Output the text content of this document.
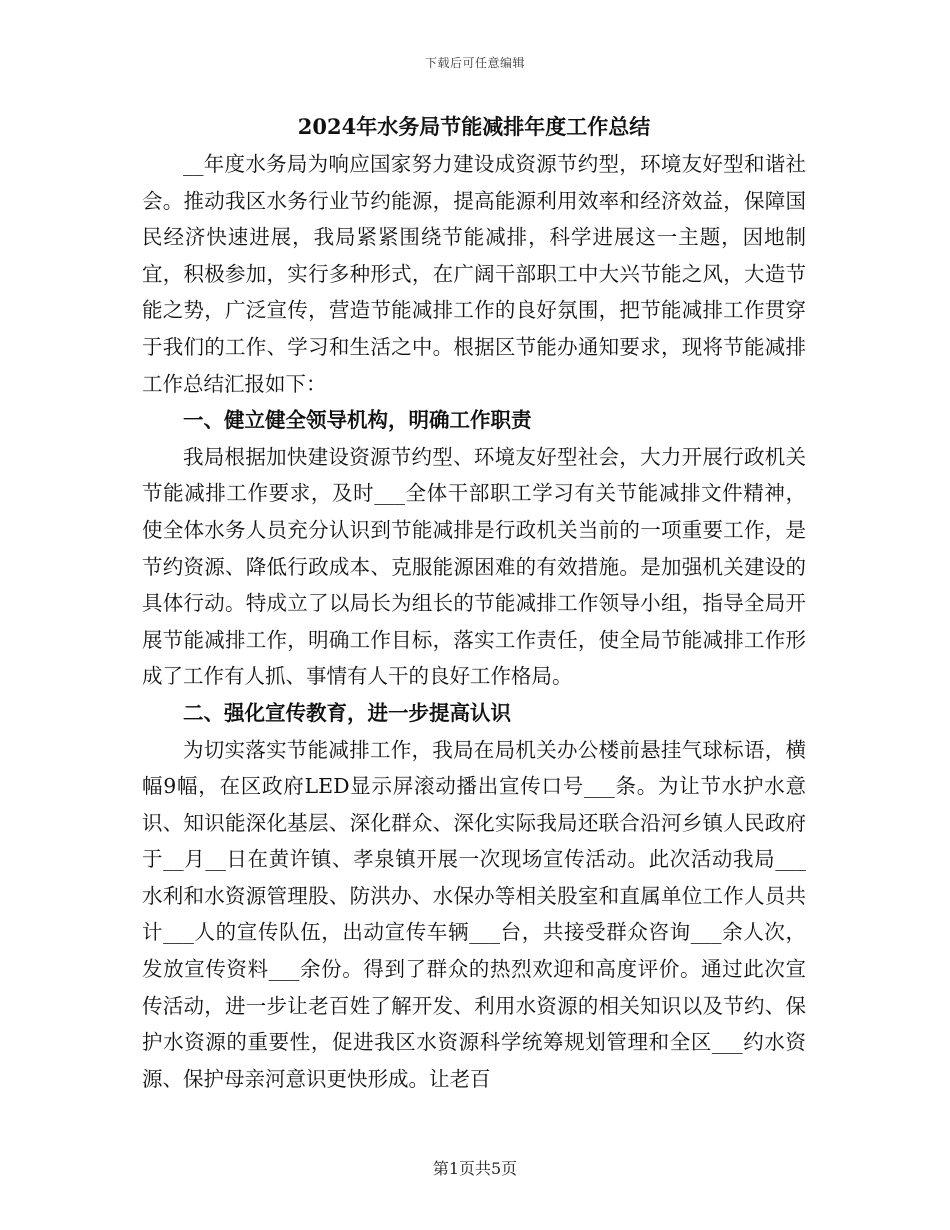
下载后可任意编辑
2024年水务局节能减排年度工作总结

__年度水务局为响应国家努力建设成资源节约型，环境友好型和谐社会。推动我区水务行业节约能源，提高能源利用效率和经济效益，保障国民经济快速进展，我局紧紧围绕节能减排，科学进展这一主题，因地制宜，积极参加，实行多种形式，在广阔干部职工中大兴节能之风，大造节能之势，广泛宣传，营造节能减排工作的良好氛围，把节能减排工作贯穿于我们的工作、学习和生活之中。根据区节能办通知要求，现将节能减排工作总结汇报如下：

一、健立健全领导机构，明确工作职责

我局根据加快建设资源节约型、环境友好型社会，大力开展行政机关节能减排工作要求，及时___全体干部职工学习有关节能减排文件精神，使全体水务人员充分认识到节能减排是行政机关当前的一项重要工作，是节约资源、降低行政成本、克服能源困难的有效措施。是加强机关建设的具体行动。特成立了以局长为组长的节能减排工作领导小组，指导全局开展节能减排工作，明确工作目标，落实工作责任，使全局节能减排工作形成了工作有人抓、事情有人干的良好工作格局。

二、强化宣传教育，进一步提高认识

为切实落实节能减排工作，我局在局机关办公楼前悬挂气球标语，横幅9幅，在区政府LED显示屏滚动播出宣传口号___条。为让节水护水意识、知识能深化基层、深化群众、深化实际我局还联合沿河乡镇人民政府于__月__日在黄许镇、孝泉镇开展一次现场宣传活动。此次活动我局___水利和水资源管理股、防洪办、水保办等相关股室和直属单位工作人员共计___人的宣传队伍，出动宣传车辆___台，共接受群众咨询___余人次，发放宣传资料___余份。得到了群众的热烈欢迎和高度评价。通过此次宣传活动，进一步让老百姓了解开发、利用水资源的相关知识以及节约、保护水资源的重要性，促进我区水资源科学统筹规划管理和全区___约水资源、保护母亲河意识更快形成。让老百

第1页共5页
